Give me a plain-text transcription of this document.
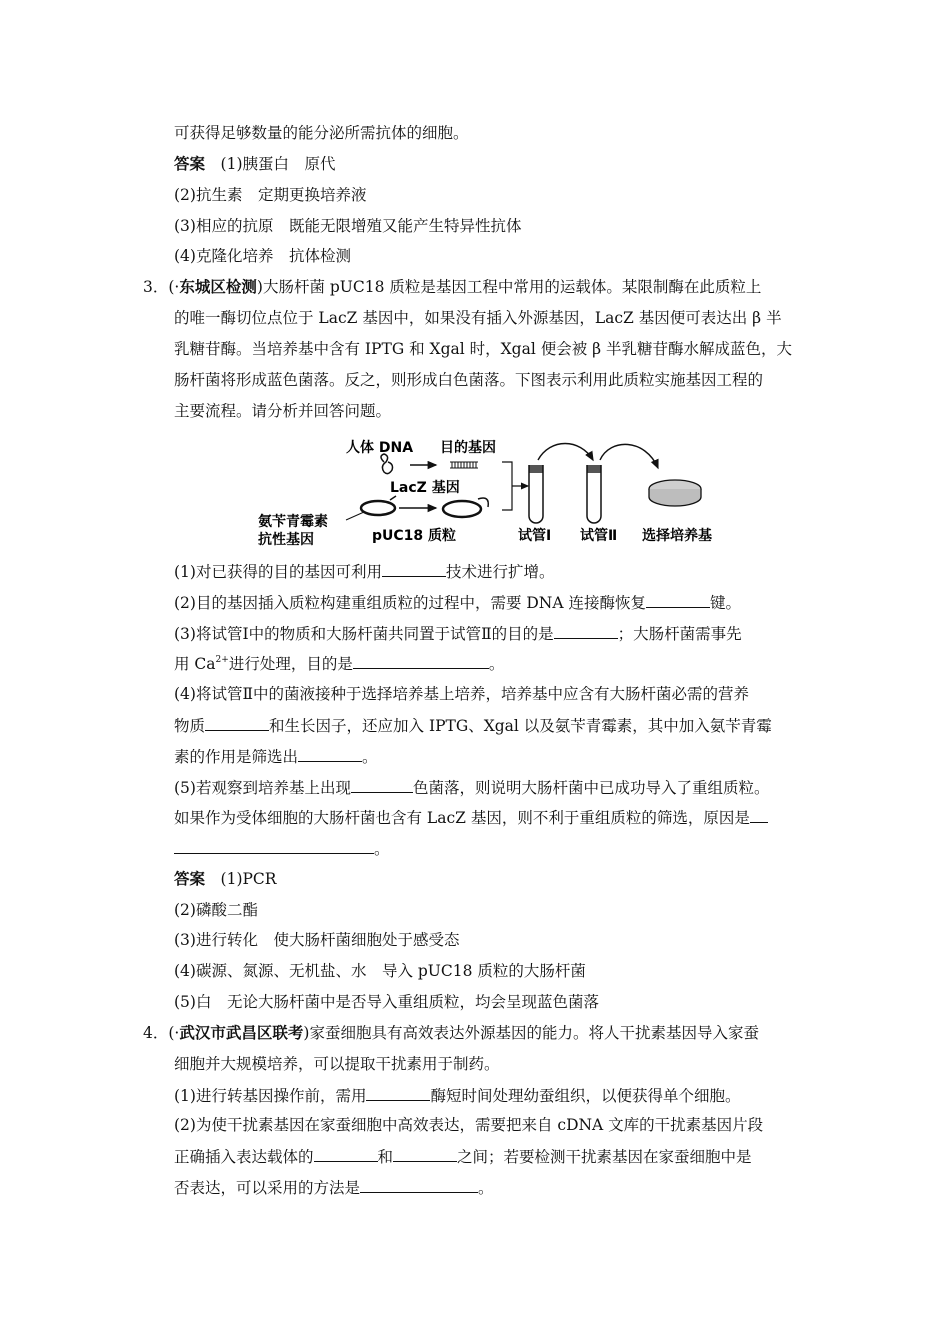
可获得足够数量的能分泌所需抗体的细胞。
答案　 (1)胰蛋白　原代
(2)抗生素　定期更换培养液
(3)相应的抗原　既能无限增殖又能产生特异性抗体
(4)克隆化培养　抗体检测
3．(·东城区检测)大肠杆菌 pUC18 质粒是基因工程中常用的运载体。某限制酶在此质粒上
的唯一酶切位点位于 LacZ 基因中，如果没有插入外源基因，LacZ 基因便可表达出 β 半
乳糖苷酶。当培养基中含有 IPTG 和 Xgal 时，Xgal 便会被 β 半乳糖苷酶水解成蓝色，大
肠杆菌将形成蓝色菌落。反之，则形成白色菌落。下图表示利用此质粒实施基因工程的
主要流程。请分析并回答问题。
人体 DNA 目的基因
LacZ 基因
氨苄青霉素
抗性基因	pUC18 质粒	试管Ⅰ 试管Ⅱ 选择培养基
(1)对已获得的目的基因可利用	技术进行扩增。
(2)目的基因插入质粒构建重组质粒的过程中，需要 DNA 连接酶恢复	键。
(3)将试管Ⅰ中的物质和大肠杆菌共同置于试管Ⅱ的目的是	；大肠杆菌需事先
用 $Ca^{2+}$进行处理，目的是	。
(4)将试管Ⅱ中的菌液接种于选择培养基上培养，培养基中应含有大肠杆菌必需的营养
物质	和生长因子，还应加入 IPTG、Xgal 以及氨苄青霉素，其中加入氨苄青霉
素的作用是筛选出	。
(5)若观察到培养基上出现	色菌落，则说明大肠杆菌中已成功导入了重组质粒。
如果作为受体细胞的大肠杆菌也含有 LacZ 基因，则不利于重组质粒的筛选，原因是
。
答案　 (1)PCR
(2)磷酸二酯
(3)进行转化　使大肠杆菌细胞处于感受态
(4)碳源、氮源、无机盐、水　导入 pUC18 质粒的大肠杆菌
(5)白　无论大肠杆菌中是否导入重组质粒，均会呈现蓝色菌落
4．(·武汉市武昌区联考)家蚕细胞具有高效表达外源基因的能力。将人干扰素基因导入家蚕
细胞并大规模培养，可以提取干扰素用于制药。
(1)进行转基因操作前，需用	酶短时间处理幼蚕组织，以便获得单个细胞。
(2)为使干扰素基因在家蚕细胞中高效表达，需要把来自 cDNA 文库的干扰素基因片段
正确插入表达载体的	和	之间；若要检测干扰素基因在家蚕细胞中是
否表达，可以采用的方法是	。
